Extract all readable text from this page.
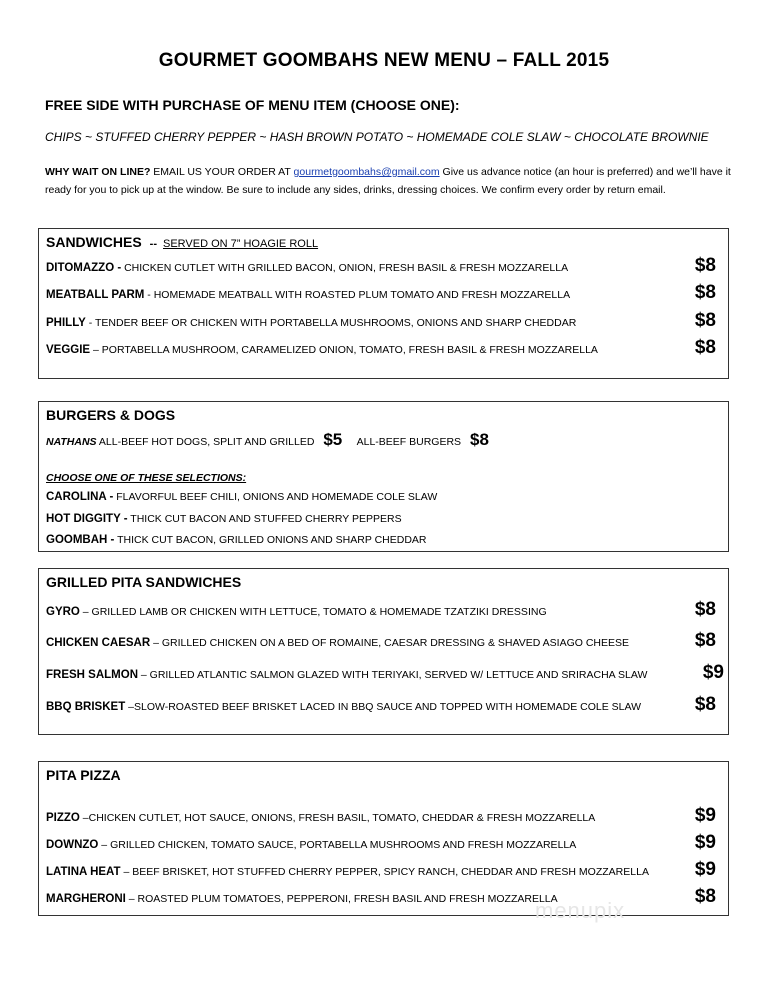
GOURMET GOOMBAHS NEW MENU – FALL 2015
FREE SIDE WITH PURCHASE OF MENU ITEM (CHOOSE ONE):
CHIPS ~ STUFFED CHERRY PEPPER ~ HASH BROWN POTATO ~ HOMEMADE COLE SLAW ~ CHOCOLATE BROWNIE
WHY WAIT ON LINE? EMAIL US YOUR ORDER AT gourmetgoombahs@gmail.com Give us advance notice (an hour is preferred) and we’ll have it ready for you to pick up at the window. Be sure to include any sides, drinks, dressing choices. We confirm every order by return email.
SANDWICHES -- SERVED ON 7” HOAGIE ROLL
DITOMAZZO - CHICKEN CUTLET WITH GRILLED BACON, ONION, FRESH BASIL & FRESH MOZZARELLA	$8
MEATBALL PARM - HOMEMADE MEATBALL WITH ROASTED PLUM TOMATO AND FRESH MOZZARELLA	$8
PHILLY - TENDER BEEF OR CHICKEN WITH PORTABELLA MUSHROOMS, ONIONS AND SHARP CHEDDAR	$8
VEGGIE – PORTABELLA MUSHROOM, CARAMELIZED ONION, TOMATO, FRESH BASIL & FRESH MOZZARELLA	$8
BURGERS & DOGS
NATHANS ALL-BEEF HOT DOGS, SPLIT AND GRILLED $5 ALL-BEEF BURGERS $8
CHOOSE ONE OF THESE SELECTIONS:
CAROLINA - FLAVORFUL BEEF CHILI, ONIONS AND HOMEMADE COLE SLAW
HOT DIGGITY - THICK CUT BACON AND STUFFED CHERRY PEPPERS
GOOMBAH - THICK CUT BACON, GRILLED ONIONS AND SHARP CHEDDAR
GRILLED PITA SANDWICHES
GYRO – GRILLED LAMB OR CHICKEN WITH LETTUCE, TOMATO & HOMEMADE TZATZIKI DRESSING	$8
CHICKEN CAESAR – GRILLED CHICKEN ON A BED OF ROMAINE, CAESAR DRESSING & SHAVED ASIAGO CHEESE	$8
FRESH SALMON – GRILLED ATLANTIC SALMON GLAZED WITH TERIYAKI, SERVED W/ LETTUCE AND SRIRACHA SLAW	$9
BBQ BRISKET –SLOW-ROASTED BEEF BRISKET LACED IN BBQ SAUCE AND TOPPED WITH HOMEMADE COLE SLAW	$8
PITA PIZZA
PIZZO –CHICKEN CUTLET, HOT SAUCE, ONIONS, FRESH BASIL, TOMATO, CHEDDAR & FRESH MOZZARELLA	$9
DOWNZO – GRILLED CHICKEN, TOMATO SAUCE, PORTABELLA MUSHROOMS AND FRESH MOZZARELLA	$9
LATINA HEAT – BEEF BRISKET, HOT STUFFED CHERRY PEPPER, SPICY RANCH, CHEDDAR AND FRESH MOZZARELLA $9
MARGHERONI – ROASTED PLUM TOMATOES, PEPPERONI, FRESH BASIL AND FRESH MOZZARELLA	$8
menupix
